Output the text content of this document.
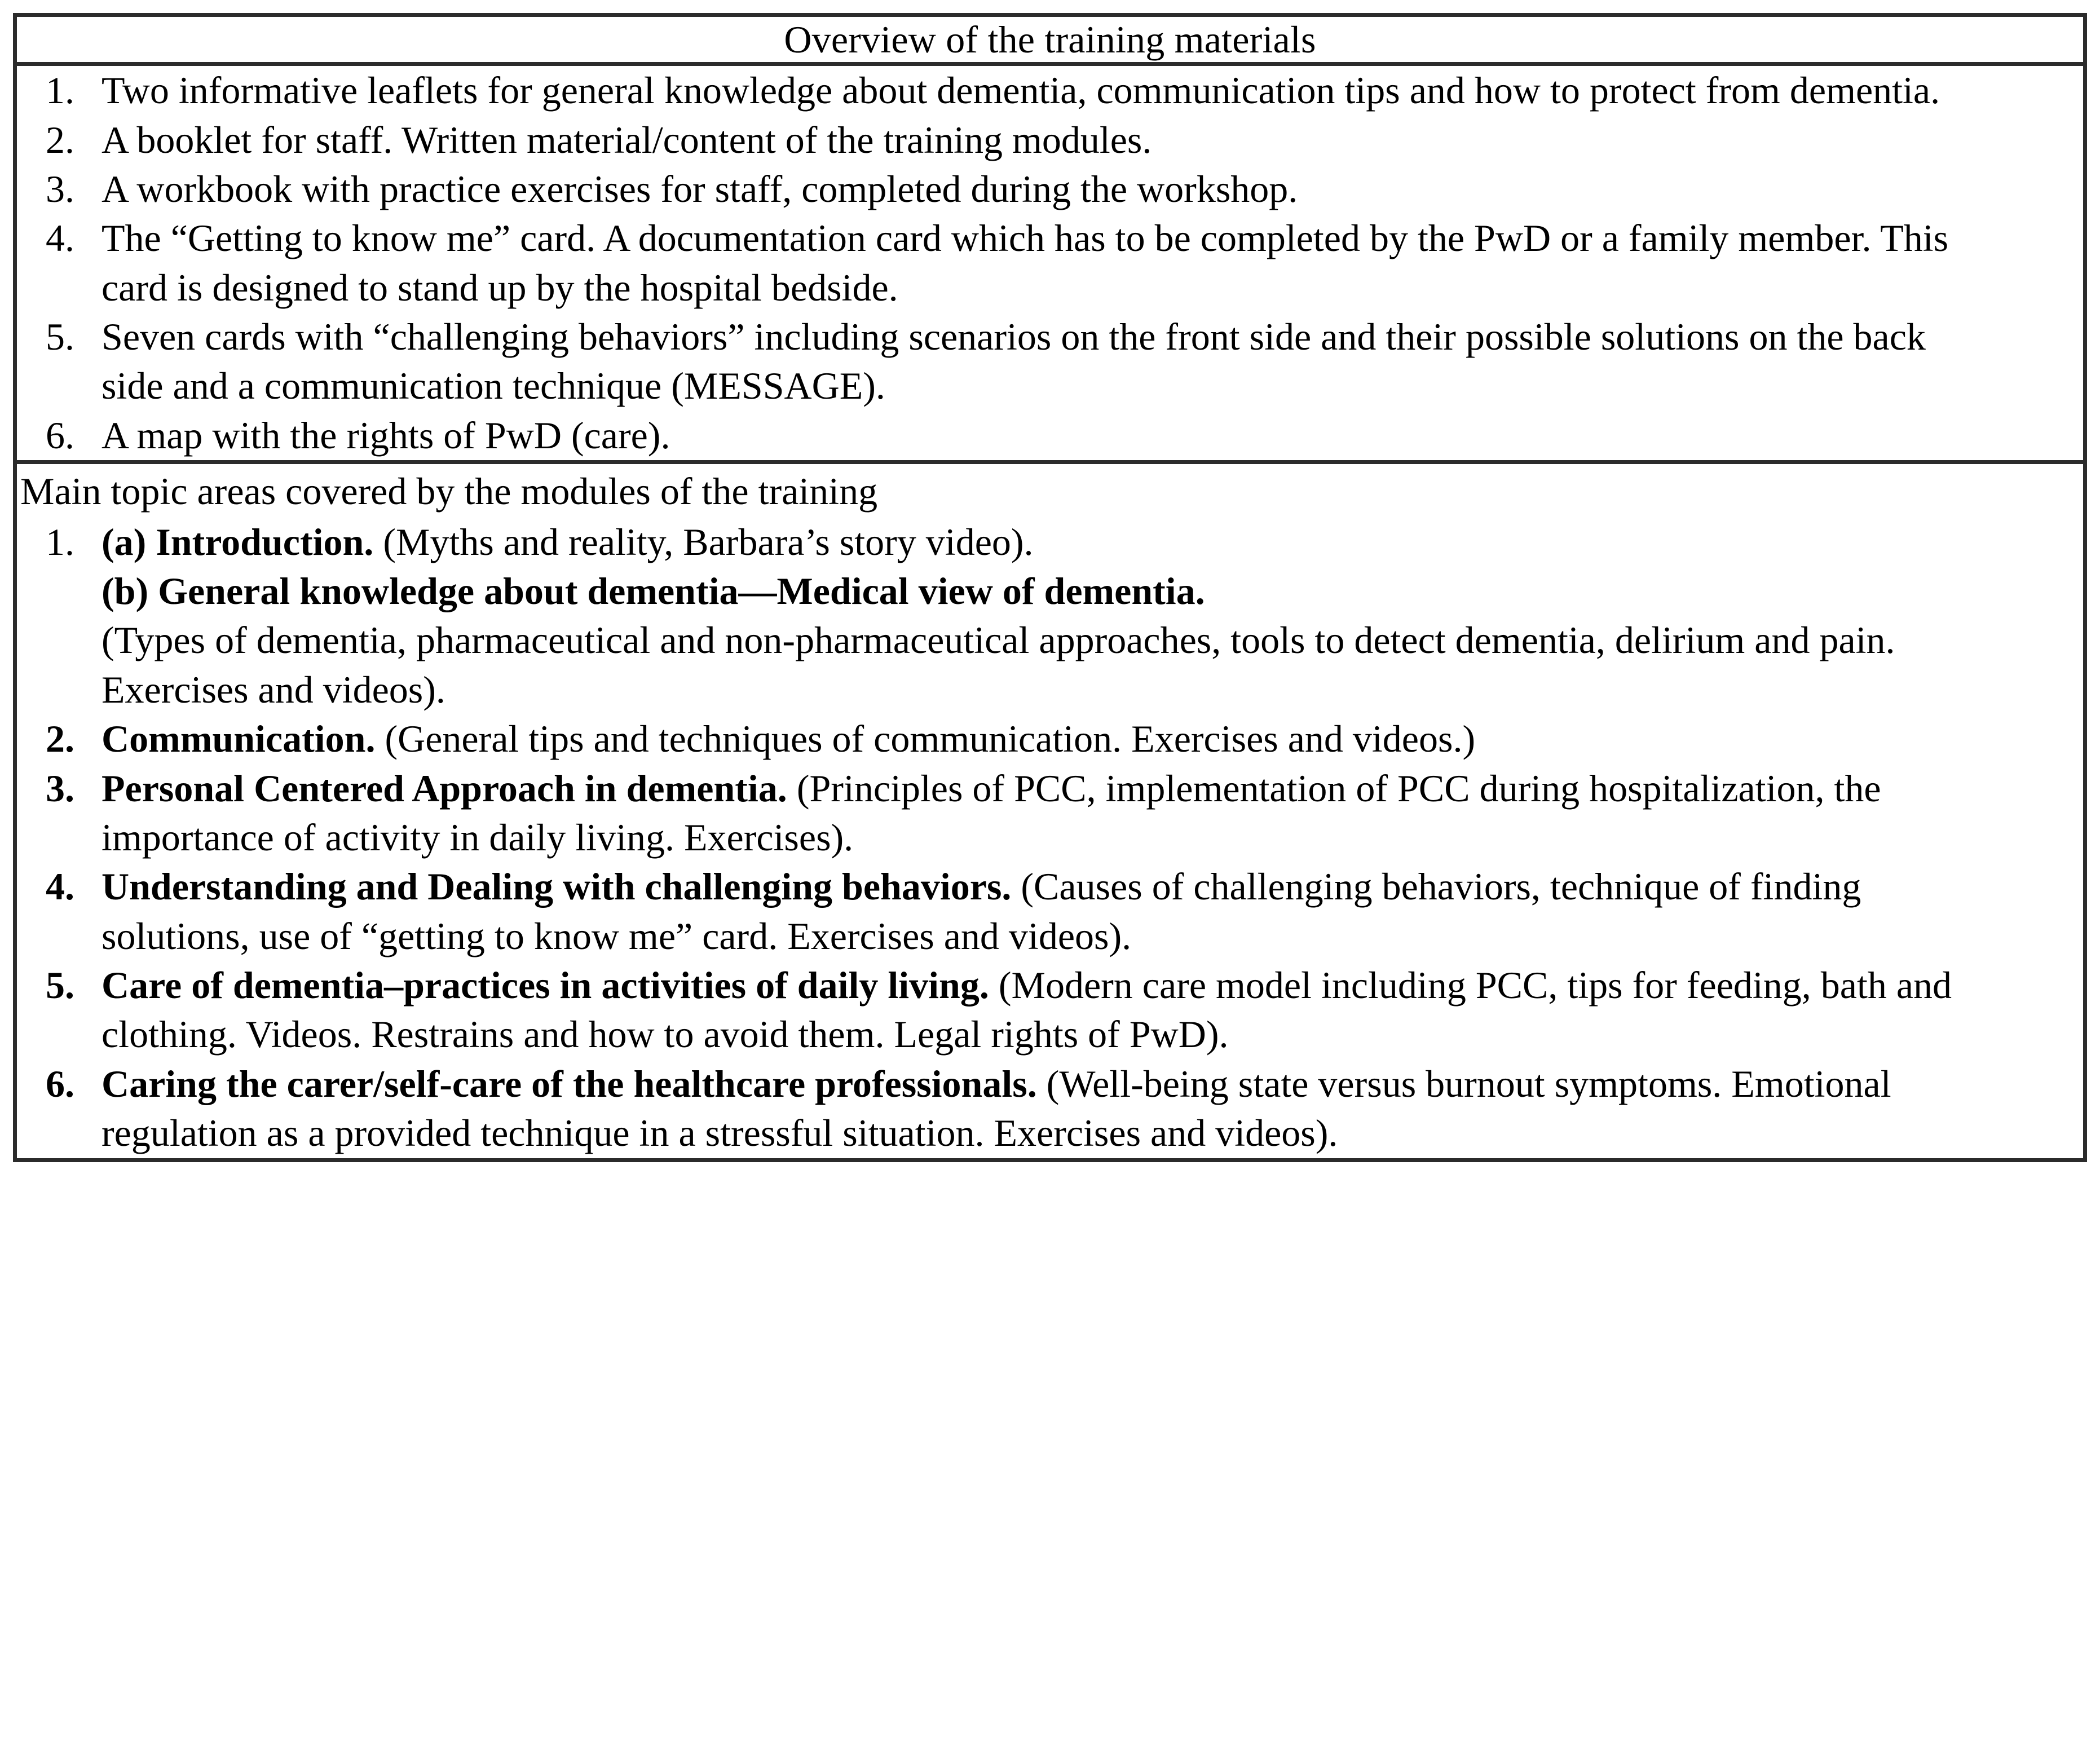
Overview of the training materials

1. Two informative leaflets for general knowledge about dementia, communication tips and how to protect from dementia.
2. A booklet for staff. Written material/content of the training modules.
3. A workbook with practice exercises for staff, completed during the workshop.
4. The “Getting to know me” card. A documentation card which has to be completed by the PwD or a family member. This card is designed to stand up by the hospital bedside.
5. Seven cards with “challenging behaviors” including scenarios on the front side and their possible solutions on the back side and a communication technique (MESSAGE).
6. A map with the rights of PwD (care).

Main topic areas covered by the modules of the training
1. (a) Introduction. (Myths and reality, Barbara’s story video).
(b) General knowledge about dementia—Medical view of dementia.
(Types of dementia, pharmaceutical and non-pharmaceutical approaches, tools to detect dementia, delirium and pain. Exercises and videos).
2. Communication. (General tips and techniques of communication. Exercises and videos.)
3. Personal Centered Approach in dementia. (Principles of PCC, implementation of PCC during hospitalization, the importance of activity in daily living. Exercises).
4. Understanding and Dealing with challenging behaviors. (Causes of challenging behaviors, technique of finding solutions, use of “getting to know me” card. Exercises and videos).
5. Care of dementia–practices in activities of daily living. (Modern care model including PCC, tips for feeding, bath and clothing. Videos. Restrains and how to avoid them. Legal rights of PwD).
6. Caring the carer/self-care of the healthcare professionals. (Well-being state versus burnout symptoms. Emotional regulation as a provided technique in a stressful situation. Exercises and videos).
